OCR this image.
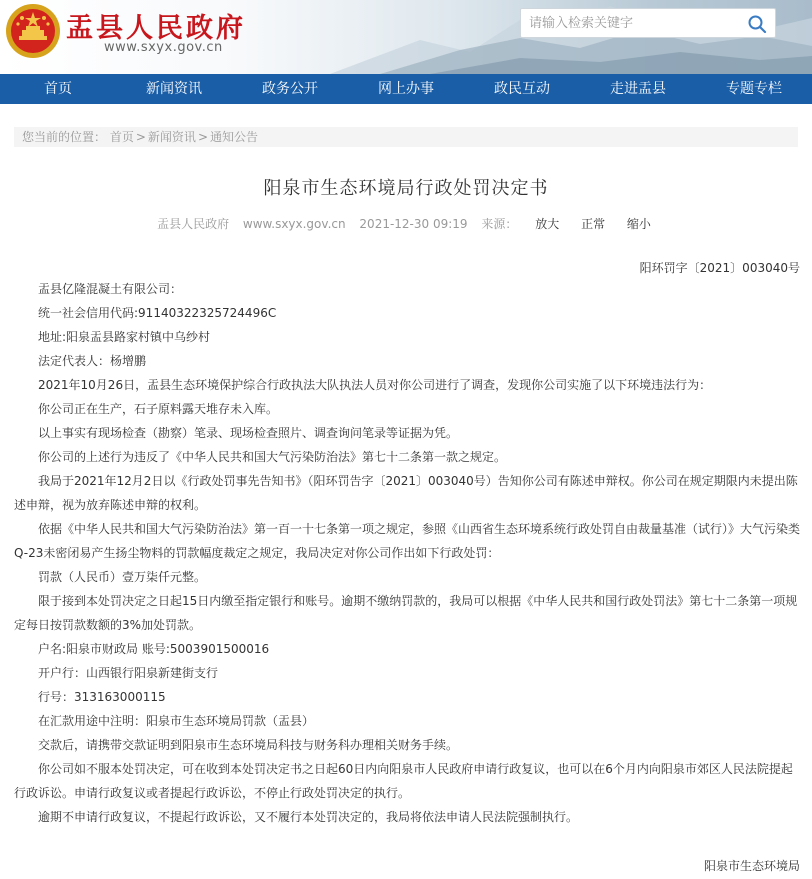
盂县人民政府
www.sxyx.gov.cn
请输入检索关键字
首页	新闻资讯	政务公开	网上办事	政民互动	走进盂县	专题专栏
您当前的位置： 首页 > 新闻资讯 > 通知公告
阳泉市生态环境局行政处罚决定书
盂县人民政府 www.sxyx.gov.cn 2021-12-30 09:19 来源： 放大 正常 缩小
阳环罚字〔2021〕003040号

盂县亿隆混凝土有限公司：

统一社会信用代码:91140322325724496C

地址:阳泉盂县路家村镇中乌纱村

法定代表人：杨增鹏

2021年10月26日，盂县生态环境保护综合行政执法大队执法人员对你公司进行了调查，发现你公司实施了以下环境违法行为：

你公司正在生产，石子原料露天堆存未入库。

以上事实有现场检查（勘察）笔录、现场检查照片、调查询问笔录等证据为凭。

你公司的上述行为违反了《中华人民共和国大气污染防治法》第七十二条第一款之规定。

我局于2021年12月2日以《行政处罚事先告知书》（阳环罚告字〔2021〕003040号）告知你公司有陈述申辩权。你公司在规定期限内未提出陈述申辩，视为放弃陈述申辩的权利。

依据《中华人民共和国大气污染防治法》第一百一十七条第一项之规定，参照《山西省生态环境系统行政处罚自由裁量基准（试行）》大气污染类Q-23未密闭易产生扬尘物料的罚款幅度裁定之规定，我局决定对你公司作出如下行政处罚：

罚款（人民币）壹万柒仟元整。

限于接到本处罚决定之日起15日内缴至指定银行和账号。逾期不缴纳罚款的，我局可以根据《中华人民共和国行政处罚法》第七十二条第一项规定每日按罚款数额的3%加处罚款。

户名:阳泉市财政局 账号:5003901500016

开户行：山西银行阳泉新建街支行

行号：313163000115

在汇款用途中注明：阳泉市生态环境局罚款（盂县）

交款后，请携带交款证明到阳泉市生态环境局科技与财务科办理相关财务手续。

你公司如不服本处罚决定，可在收到本处罚决定书之日起60日内向阳泉市人民政府申请行政复议，也可以在6个月内向阳泉市郊区人民法院提起行政诉讼。申请行政复议或者提起行政诉讼，不停止行政处罚决定的执行。

逾期不申请行政复议，不提起行政诉讼，又不履行本处罚决定的，我局将依法申请人民法院强制执行。

阳泉市生态环境局
